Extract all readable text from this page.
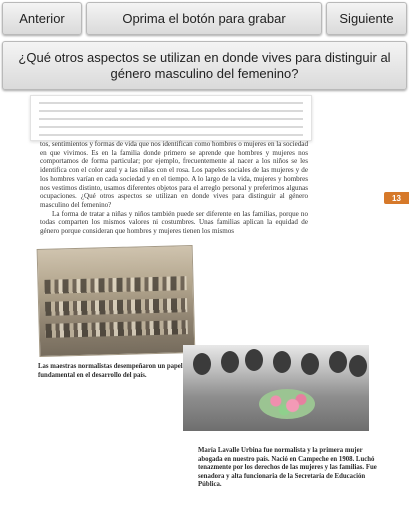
Anterior	Oprima el botón para grabar	Siguiente
¿Qué otros aspectos se utilizan en donde vives para distinguir al género masculino del femenino?

tos, sentimientos y formas de vida que nos identifican como hombres o mujeres en la sociedad en que vivimos. Es en la familia donde primero se aprende que hombres y mujeres nos comportamos de forma particular; por ejemplo, frecuentemente al nacer a los niños se les identifica con el color azul y a las niñas con el rosa. Los papeles sociales de las mujeres y de los hombres varían en cada sociedad y en el tiempo. A lo largo de la vida, mujeres y hombres nos vestimos distinto, usamos diferentes objetos para el arreglo personal y preferimos algunas ocupaciones. ¿Qué otros aspectos se utilizan en donde vives para distinguir al género masculino del femenino?

La forma de tratar a niñas y niños también puede ser diferente en las familias, porque no todas comparten los mismos valores ni costumbres. Unas familias aplican la equidad de género porque consideran que hombres y mujeres tienen los mismos

13
Las maestras normalistas desempeñaron un papel fundamental en el desarrollo del país.
María Lavalle Urbina fue normalista y la primera mujer abogada en nuestro país. Nació en Campeche en 1908. Luchó tenazmente por los derechos de las mujeres y las familias. Fue senadora y alta funcionaria de la Secretaría de Educación Pública.
